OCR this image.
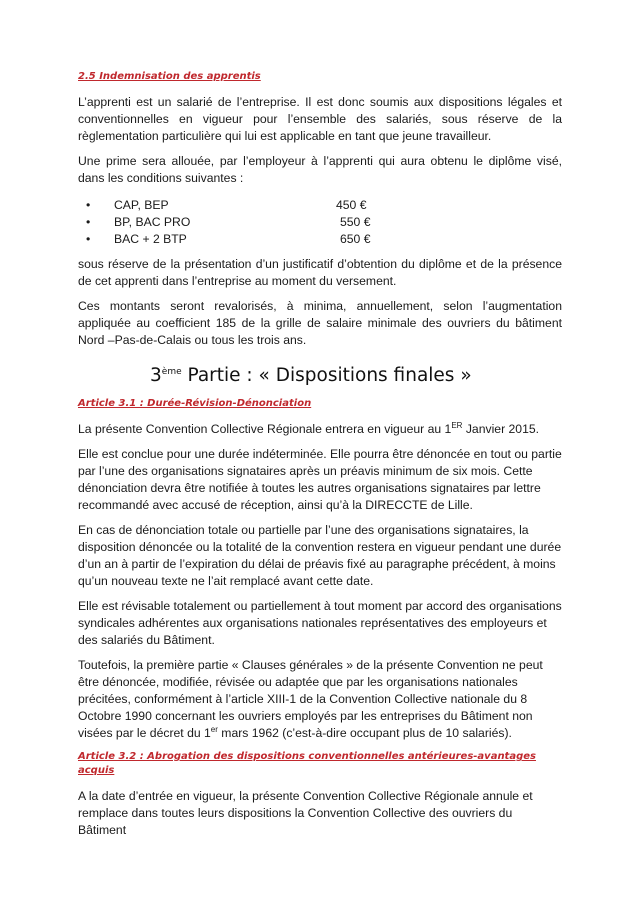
2.5 Indemnisation des apprentis

L’apprenti est un salarié de l’entreprise. Il est donc soumis aux dispositions légales et conventionnelles en vigueur pour l’ensemble des salariés, sous réserve de la règlementation particulière qui lui est applicable en tant que jeune travailleur.

Une prime sera allouée, par l’employeur à l’apprenti qui aura obtenu le diplôme visé, dans les conditions suivantes :

•	CAP, BEP	450 €
•	BP, BAC PRO	550 €
•	BAC + 2 BTP	650 €

sous réserve de la présentation d’un justificatif d’obtention du diplôme et de la présence de cet apprenti dans l’entreprise au moment du versement.

Ces montants seront revalorisés, à minima, annuellement, selon l’augmentation appliquée au coefficient 185 de la grille de salaire minimale des ouvriers du bâtiment Nord –Pas-de-Calais ou tous les trois ans.

3ème Partie : « Dispositions finales »
Article 3.1 : Durée-Révision-Dénonciation

La présente Convention Collective Régionale entrera en vigueur au 1ER Janvier 2015.

Elle est conclue pour une durée indéterminée. Elle pourra être dénoncée en tout ou partie par l’une des organisations signataires après un préavis minimum de six mois. Cette dénonciation devra être notifiée à toutes les autres organisations signataires par lettre recommandé avec accusé de réception, ainsi qu’à la DIRECCTE de Lille.

En cas de dénonciation totale ou partielle par l’une des organisations signataires, la disposition dénoncée ou la totalité de la convention restera en vigueur pendant une durée d’un an à partir de l’expiration du délai de préavis fixé au paragraphe précédent, à moins qu’un nouveau texte ne l’ait remplacé avant cette date.

Elle est révisable totalement ou partiellement à tout moment par accord des organisations syndicales adhérentes aux organisations nationales représentatives des employeurs et des salariés du Bâtiment.

Toutefois, la première partie « Clauses générales » de la présente Convention ne peut être dénoncée, modifiée, révisée ou adaptée que par les organisations nationales précitées, conformément à l’article XIII-1 de la Convention Collective nationale du 8 Octobre 1990 concernant les ouvriers employés par les entreprises du Bâtiment non visées par le décret du 1er mars 1962 (c’est-à-dire occupant plus de 10 salariés).

Article 3.2 : Abrogation des dispositions conventionnelles antérieures-avantages acquis

A la date d’entrée en vigueur, la présente Convention Collective Régionale annule et remplace dans toutes leurs dispositions la Convention Collective des ouvriers du Bâtiment
